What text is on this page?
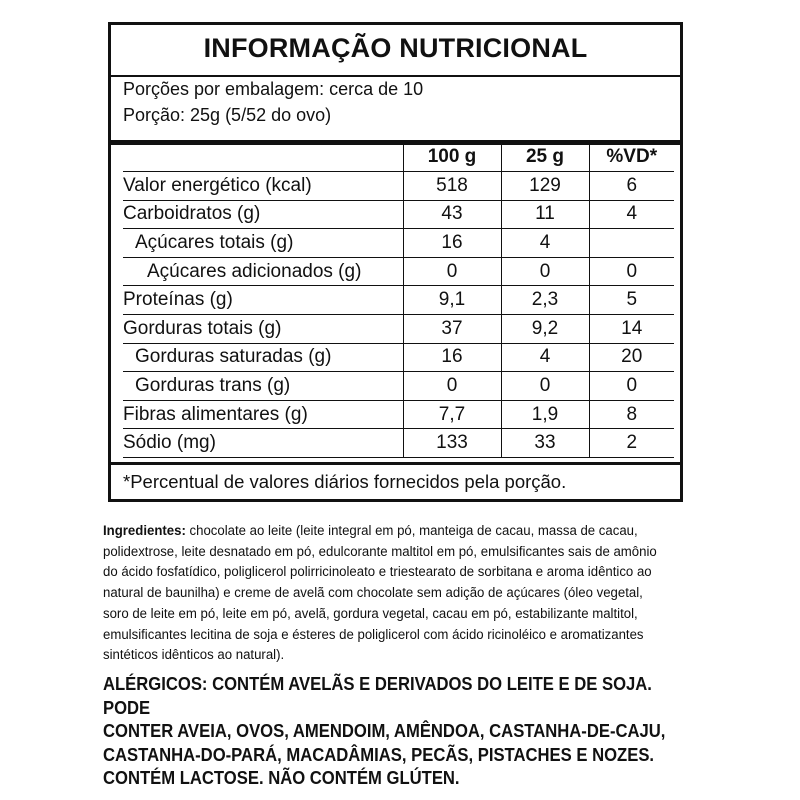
INFORMAÇÃO NUTRICIONAL
Porções por embalagem: cerca de 10
Porção: 25g (5/52 do ovo)
	100 g	25 g	%VD*
Valor energético (kcal)	518	129	6
Carboidratos (g)	43	11	4
Açúcares totais (g)	16	4	
Açúcares adicionados (g)	0	0	0
Proteínas (g)	9,1	2,3	5
Gorduras totais (g)	37	9,2	14
Gorduras saturadas (g)	16	4	20
Gorduras trans (g)	0	0	0
Fibras alimentares (g)	7,7	1,9	8
Sódio (mg)	133	33	2
*Percentual de valores diários fornecidos pela porção.
Ingredientes: chocolate ao leite (leite integral em pó, manteiga de cacau, massa de cacau,
polidextrose, leite desnatado em pó, edulcorante maltitol em pó, emulsificantes sais de amônio
do ácido fosfatídico, poliglicerol polirricinoleato e triestearato de sorbitana e aroma idêntico ao
natural de baunilha) e creme de avelã com chocolate sem adição de açúcares (óleo vegetal,
soro de leite em pó, leite em pó, avelã, gordura vegetal, cacau em pó, estabilizante maltitol,
emulsificantes lecitina de soja e ésteres de poliglicerol com ácido ricinoléico e aromatizantes
sintéticos idênticos ao natural).
ALÉRGICOS: CONTÉM AVELÃS E DERIVADOS DO LEITE E DE SOJA. PODE
CONTER AVEIA, OVOS, AMENDOIM, AMÊNDOA, CASTANHA-DE-CAJU,
CASTANHA-DO-PARÁ, MACADÂMIAS, PECÃS, PISTACHES E NOZES.
CONTÉM LACTOSE. NÃO CONTÉM GLÚTEN.
